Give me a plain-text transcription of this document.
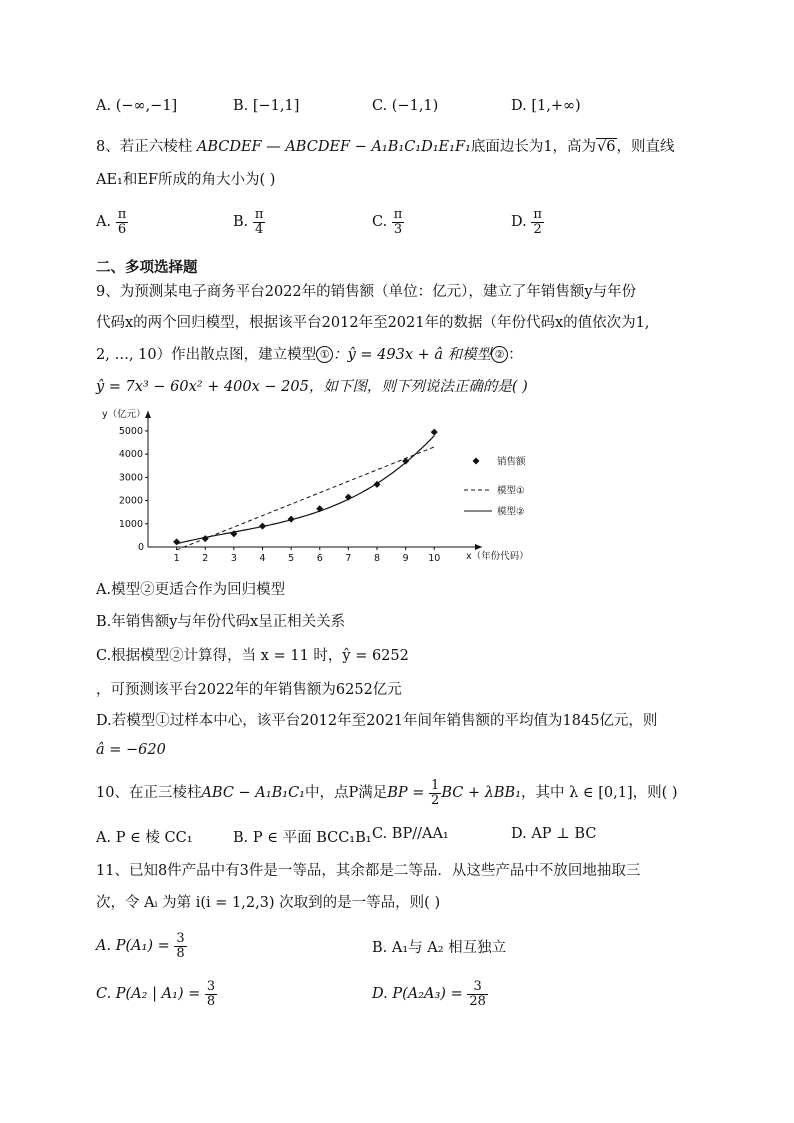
A. (−∞,−1]	B. [−1,1]	C. (−1,1)	D. [1,+∞)
8、若正六棱柱 ABCDEF — ABCDEF − A₁B₁C₁D₁E₁F₁底面边长为1，高为√6，则直线
AE₁和EF所成的角大小为( )
A. $\frac{\pi}{6}$	B. $\frac{\pi}{4}$	C. $\frac{\pi}{3}$	D. $\frac{\pi}{2}$
二、多项选择题
9、为预测某电子商务平台2022年的销售额（单位：亿元），建立了年销售额y与年份
代码x的两个回归模型，根据该平台2012年至2021年的数据（年份代码x的值依次为1,
2, …, 10）作出散点图，建立模型 ① ：ŷ = 493x + â 和模型 ② ：
ŷ = 7x³ − 60x² + 400x − 205，如下图，则下列说法正确的是( )
y（亿元）
x（年份代码）
0
1000
2000
3000
4000
5000
1 2 3 4 5 6 7 8 9 10
销售额
模型①
模型②
A.模型②更适合作为回归模型
B.年销售额y与年份代码x呈正相关关系
C.根据模型②计算得，当 x = 11 时，ŷ = 6252
，可预测该平台2022年的年销售额为6252亿元
D.若模型①过样本中心，该平台2012年至2021年间年销售额的平均值为1845亿元，则
â = −620
10、在正三棱柱ABC − A₁B₁C₁中，点P满足BP = $\frac{1}{2}$ BC + λBB₁，其中 λ ∈ [0,1]，则( )
A. P ∈ 棱 CC₁	B. P ∈ 平面 BCC₁B₁ C. BP//AA₁	D. AP ⊥ BC
11、已知8件产品中有3件是一等品，其余都是二等品．从这些产品中不放回地抽取三
次，令 Aᵢ 为第 i(i = 1,2,3) 次取到的是一等品，则( )
A. $P(A_1) = \frac{3}{8}$	B. A₁与 A₂ 相互独立
C. P(A₂ | $A_1) = \frac{3}{8}$	D. $P(A_2A_3) = \frac{3}{28}$
